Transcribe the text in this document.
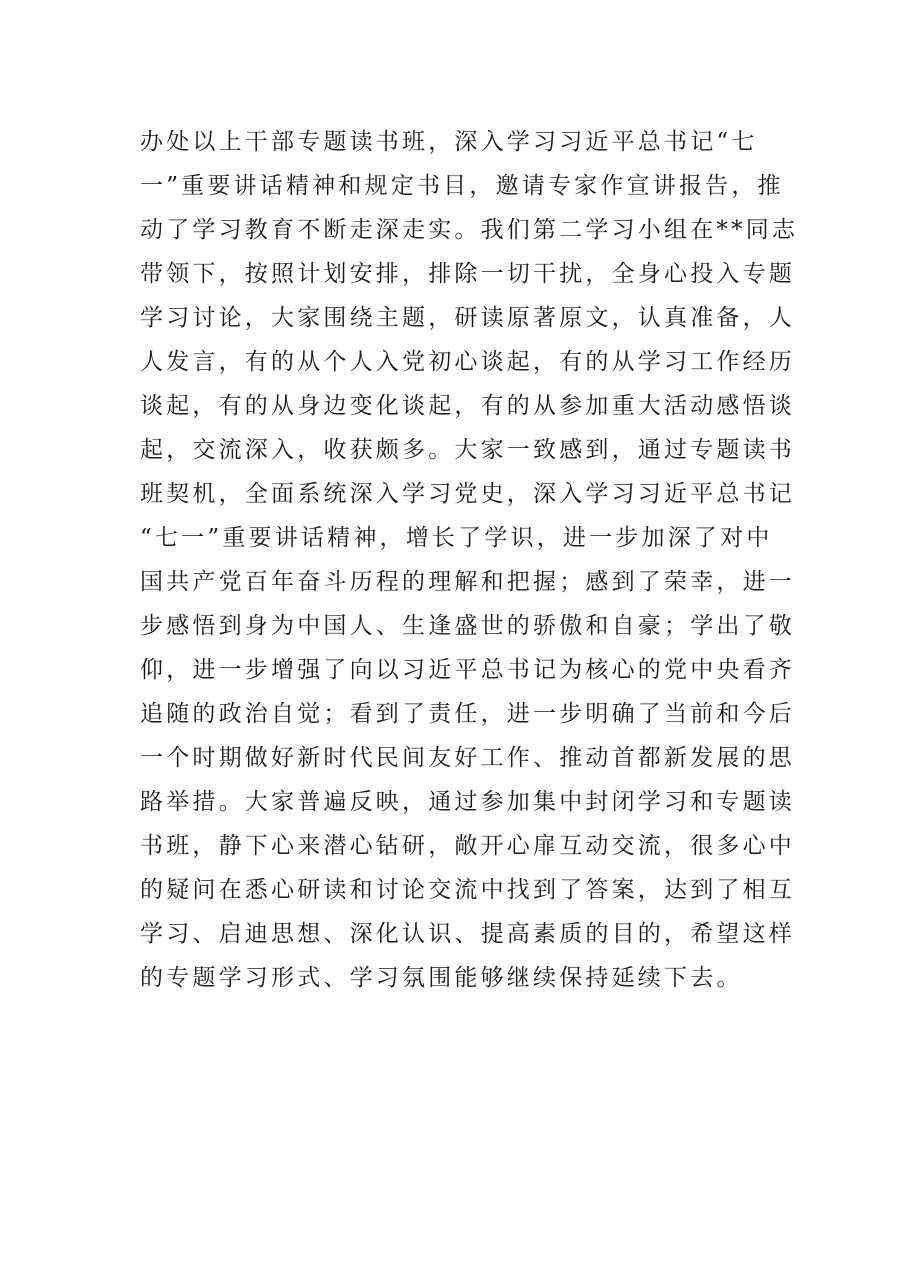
办处以上干部专题读书班，深入学习习近平总书记“七
一”重要讲话精神和规定书目，邀请专家作宣讲报告，推
动了学习教育不断走深走实。我们第二学习小组在**同志
带领下，按照计划安排，排除一切干扰，全身心投入专题
学习讨论，大家围绕主题，研读原著原文，认真准备，人
人发言，有的从个人入党初心谈起，有的从学习工作经历
谈起，有的从身边变化谈起，有的从参加重大活动感悟谈
起，交流深入，收获颇多。大家一致感到，通过专题读书
班契机，全面系统深入学习党史，深入学习习近平总书记
“七一”重要讲话精神，增长了学识，进一步加深了对中
国共产党百年奋斗历程的理解和把握；感到了荣幸，进一
步感悟到身为中国人、生逢盛世的骄傲和自豪；学出了敬
仰，进一步增强了向以习近平总书记为核心的党中央看齐
追随的政治自觉；看到了责任，进一步明确了当前和今后
一个时期做好新时代民间友好工作、推动首都新发展的思
路举措。大家普遍反映，通过参加集中封闭学习和专题读
书班，静下心来潜心钻研，敞开心扉互动交流，很多心中
的疑问在悉心研读和讨论交流中找到了答案，达到了相互
学习、启迪思想、深化认识、提高素质的目的，希望这样
的专题学习形式、学习氛围能够继续保持延续下去。
